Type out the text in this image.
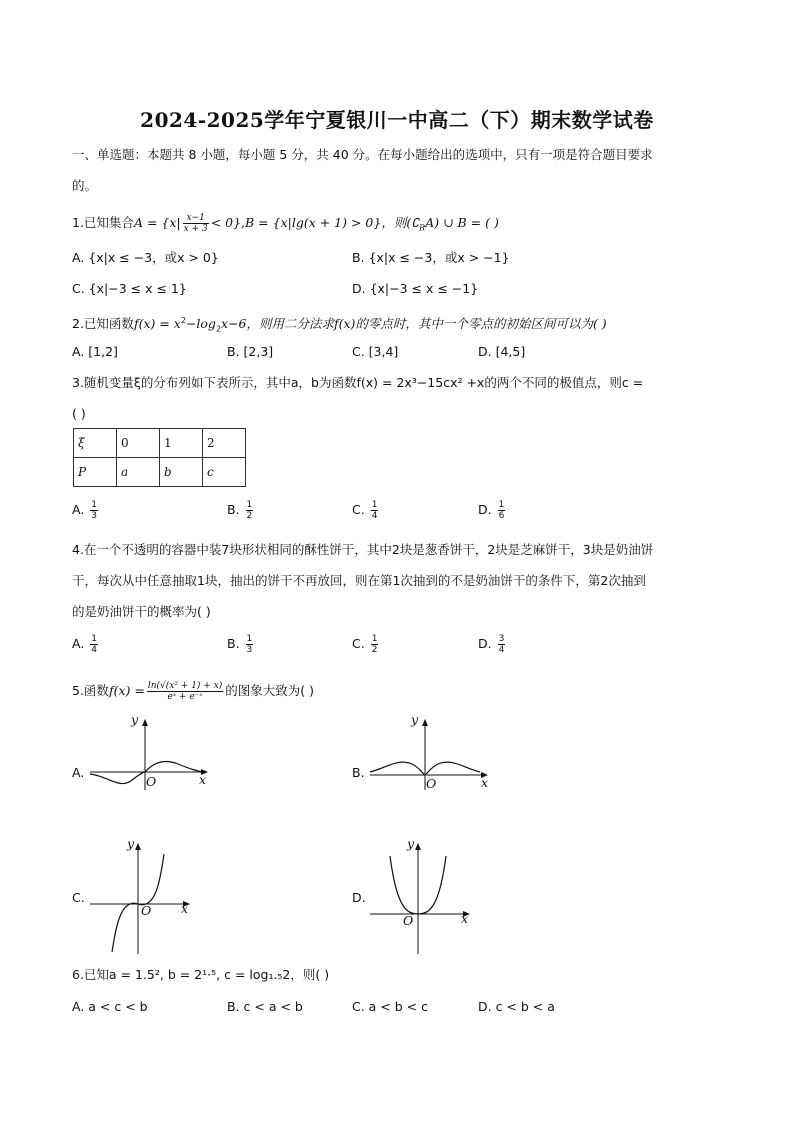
2024-2025学年宁夏银川一中高二（下）期末数学试卷
一、单选题：本题共 8 小题，每小题 5 分，共 40 分。在每小题给出的选项中，只有一项是符合题目要求
的。
1.已知集合$A = \{x| \frac{x-1}{x + 3} < 0\},B = \{x|\lg(x + 1) > 0\}$，则$(∁_RA)$ ∪ B = ( )
A. {x|x ≤ −3，或x > 0}	B. {x|x ≤ −3，或x > −1}
C. {x|−3 ≤ x ≤ 1}	D. {x|−3 ≤ x ≤ −1}
2.已知函数$f(x) = x^2-\log_2x-6$，则用二分法求f(x)的零点时，其中一个零点的初始区间可以为( )
A. [1,2]	B. [2,3]	C. [3,4]	D. [4,5]
3.随机变量ξ的分布列如下表所示，其中a，b为函数f(x) = 2x³−15cx² +x的两个不同的极值点，则c =
( )
ξ	0	1	2
P	a	b	c
A. $\frac{1}{3}$	B. $\frac{1}{2}$	C. $\frac{1}{4}$	D. $\frac{1}{6}$
4.在一个不透明的容器中装7块形状相同的酥性饼干，其中2块是葱香饼干，2块是芝麻饼干，3块是奶油饼
干，每次从中任意抽取1块，抽出的饼干不再放回，则在第1次抽到的不是奶油饼干的条件下，第2次抽到
的是奶油饼干的概率为( )
A. $\frac{1}{4}$	B. $\frac{1}{3}$	C. $\frac{1}{2}$	D. $\frac{3}{4}$
5.函数$f(x) = \frac{\text{ln(√(x² + 1) + x)}}{\text{eˣ + e⁻ˣ}}$ 的图象大致为( )
A.
y
x
O
B.
y
x
O
C.
y
x
O
D.
y
x
O
6.已知a = 1.5², b = 2¹·⁵, c = log₁.₅2，则( )
A. a < c < b	B. c < a < b	C. a < b < c	D. c < b < a
